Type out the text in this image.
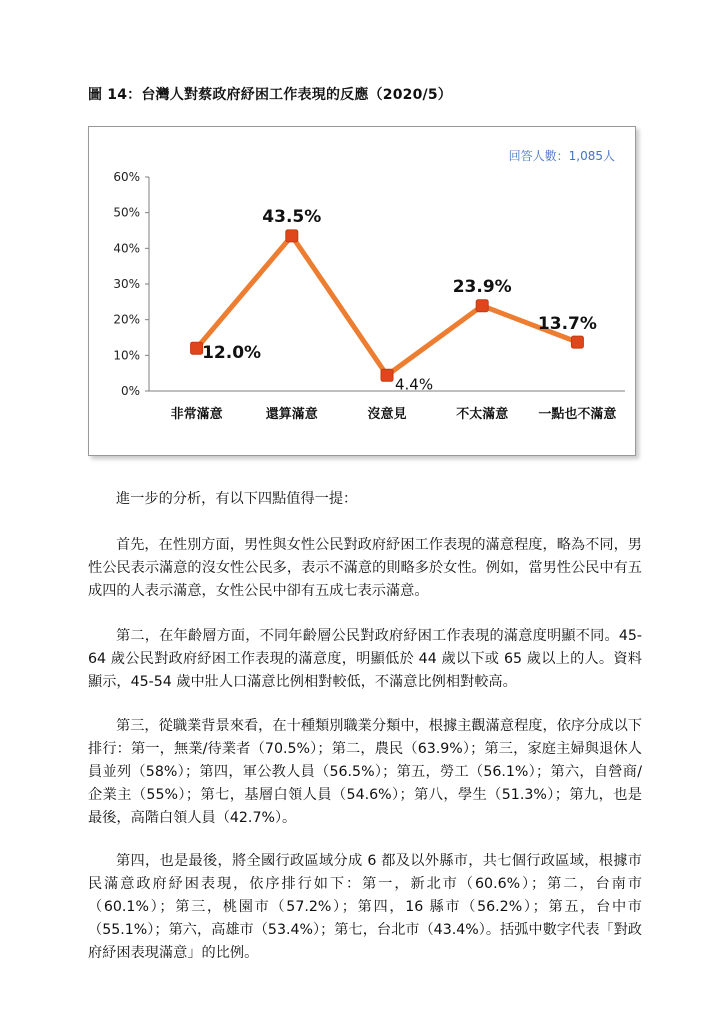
圖 14：台灣人對蔡政府紓困工作表現的反應（2020/5）
回答人數：1,085人
0%
10%
20%
30%
40%
50%
60%
非常滿意	還算滿意	沒意見	不太滿意 一點也不滿意
12.0%
43.5%
4.4%
23.9%
13.7%
進一步的分析，有以下四點值得一提：
首先，在性別方面，男性與女性公民對政府紓困工作表現的滿意程度，略為不同，男性公民表示滿意的沒女性公民多，表示不滿意的則略多於女性。例如，當男性公民中有五成四的人表示滿意，女性公民中卻有五成七表示滿意。
第二，在年齡層方面，不同年齡層公民對政府紓困工作表現的滿意度明顯不同。45-64 歲公民對政府紓困工作表現的滿意度，明顯低於 44 歲以下或 65 歲以上的人。資料顯示，45-54 歲中壯人口滿意比例相對較低，不滿意比例相對較高。
第三，從職業背景來看，在十種類別職業分類中，根據主觀滿意程度，依序分成以下排行：第一，無業/待業者（70.5%）；第二，農民（63.9%）；第三，家庭主婦與退休人員並列（58%）；第四，軍公教人員（56.5%）；第五，勞工（56.1%）；第六，自營商/企業主（55%）；第七，基層白領人員（54.6%）；第八，學生（51.3%）；第九，也是最後，高階白領人員（42.7%）。
第四，也是最後，將全國行政區域分成 6 都及以外縣市，共七個行政區域，根據市民滿意政府紓困表現，依序排行如下：第一，新北市（60.6%）；第二，台南市（60.1%）；第三，桃園市（57.2%）；第四，16 縣市（56.2%）；第五，台中市（55.1%）；第六，高雄市（53.4%）；第七，台北市（43.4%）。括弧中數字代表「對政府紓困表現滿意」的比例。
